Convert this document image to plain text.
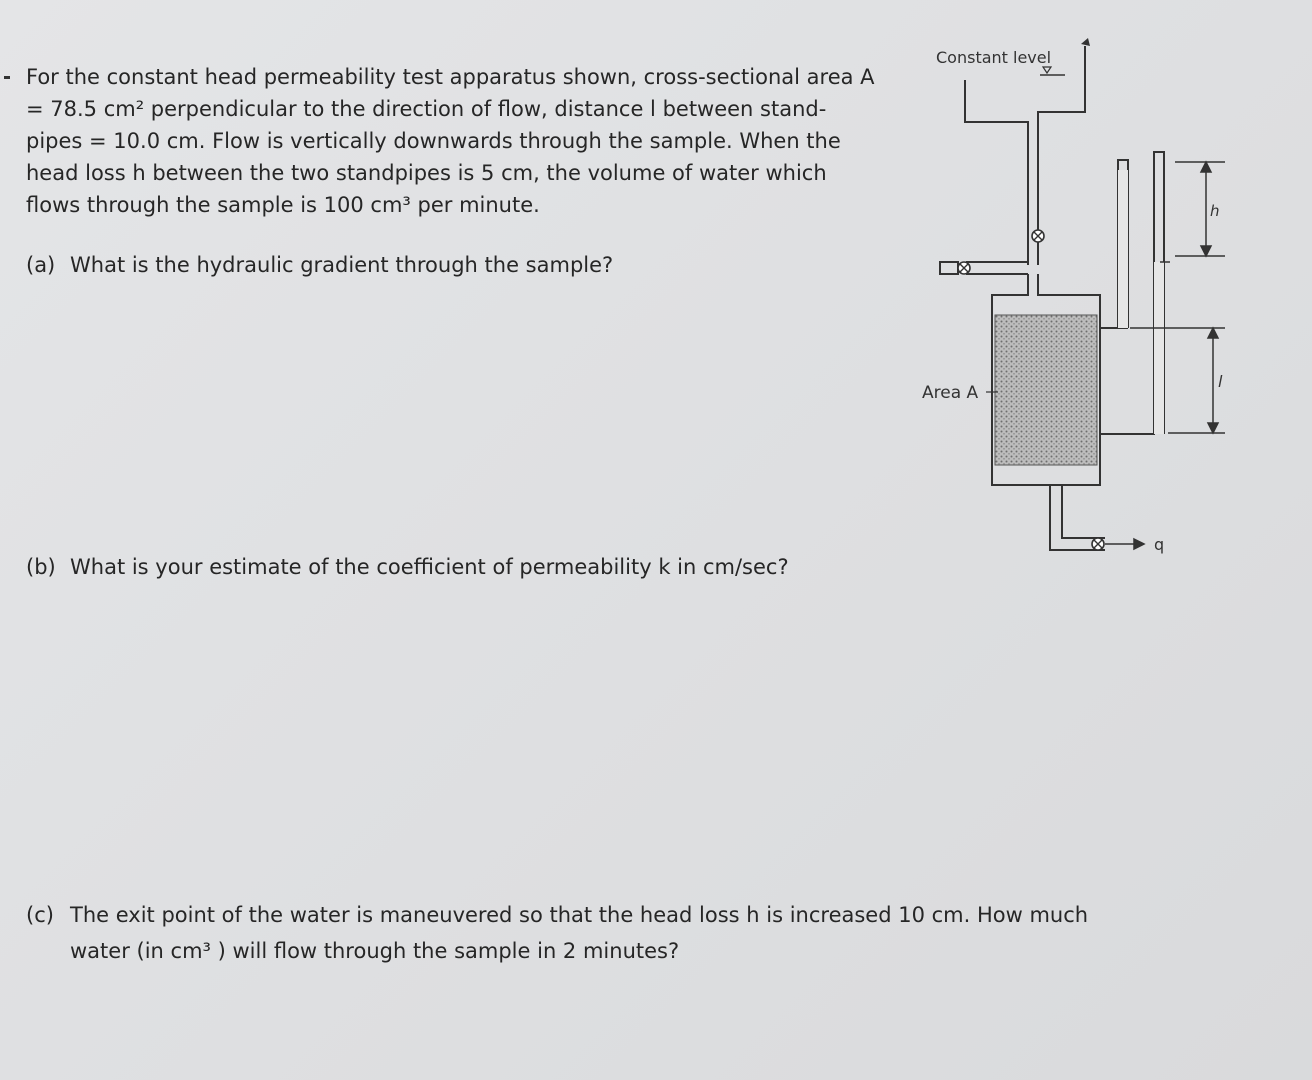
For the constant head permeability test apparatus shown, cross-sectional area A
= 78.5 cm² perpendicular to the direction of flow, distance l between stand-
pipes = 10.0 cm. Flow is vertically downwards through the sample. When the
head loss h between the two standpipes is 5 cm, the volume of water which
flows through the sample is 100 cm³ per minute.
(a) What is the hydraulic gradient through the sample?
(b) What is your estimate of the coefficient of permeability k in cm/sec?
(c) The exit point of the water is maneuvered so that the head loss h is increased 10 cm. How much
water (in cm³ ) will flow through the sample in 2 minutes?
Constant level
Area A
h
l
q
